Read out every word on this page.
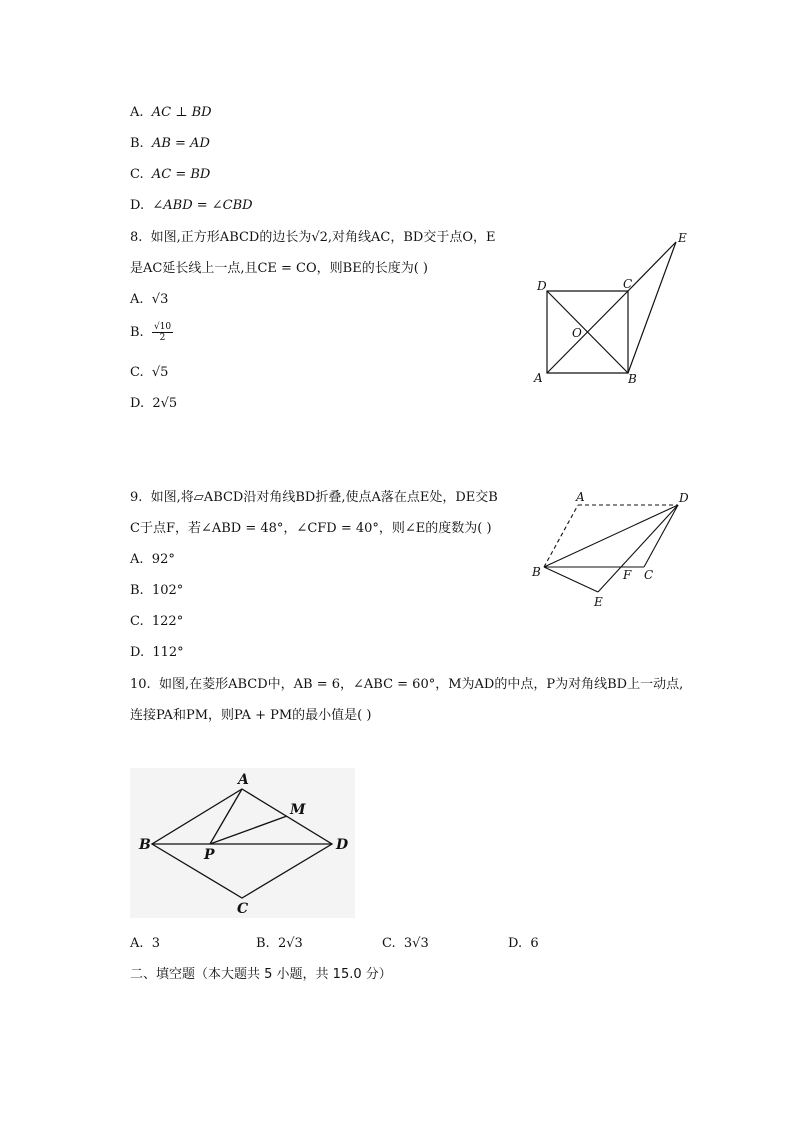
A. AC ⊥ BD
B. AB = AD
C. AC = BD
D. ∠ABD = ∠CBD
8. 如图,正方形ABCD的边长为√2,对角线AC，BD交于点O，E
是AC延长线上一点,且CE = CO，则BE的长度为( )
A. √3
B. $\frac{√10}{2}$
C. √5
D. 2√5
A	B
C
D
O
E
9. 如图,将▱ABCD沿对角线BD折叠,使点A落在点E处，DE交B
C于点F，若∠ABD = 48°，∠CFD = 40°，则∠E的度数为( )
A. 92°
B. 102°
C. 122°
D. 112°
A	D
B	F C
E
10. 如图,在菱形ABCD中，AB = 6，∠ABC = 60°，M为AD的中点，P为对角线BD上一动点,
连接PA和PM，则PA + PM的最小值是( )
A
M
B
P
D
C
A. 3	B. 2√3	C. 3√3	D. 6
二、填空题（本大题共 5 小题，共 15.0 分）
